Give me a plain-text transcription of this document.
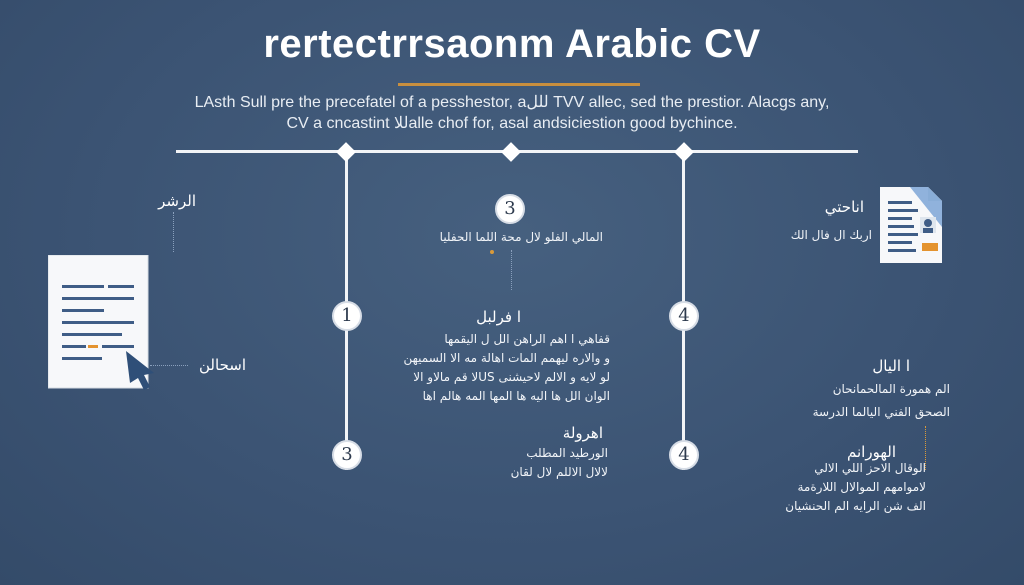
rertectrrsaonm Arabic CV
LAsth Sull pre the precefatel of a pesshestor, aللل TVV allec, sed the prestior. Alacgs any,
CV a cncastint للاalle chof for, asal andsiciestion good bychince.
1
3
3
4
4
الرشر
اسحالن
المالي الفلو لال محة اللما الحفليا
ا فرلبل
قفاهي ا اهم الراهن الل ل اليقمها
و والاره ليهمم المات اهالة مه الا السميهن
لو لايه و الالم لاحيشنى USلا قم مالاو الا
الوان الل ها اليه ها المها المه هالم اها
اهرولة
الورطيد المطلب
لالال الاللم لال لقان
اناحتي
اربك ال فال الك
ا اليال
الم همورة المالحمانحان
الصحق الفني اليالما الدرسة
الهورانم
الوقال الاحز اللي الالي
لاموامهم الموالال اللارةمة
الف شن الرايه الم الحنشيان
